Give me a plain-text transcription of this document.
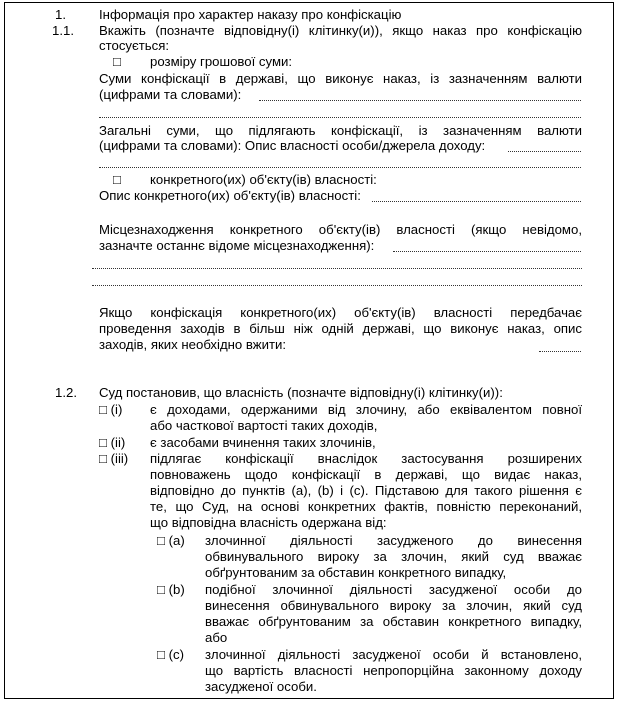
1.	Інформація про характер наказу про конфіскацію
1.1. Вкажіть (позначте відповідну(і) клітинку(и)), якщо наказ про конфіскацію
стосується:
□ розміру грошової суми:
Суми конфіскації в державі, що виконує наказ, із зазначенням валюти
(цифрами та словами):
Загальні суми, що підлягають конфіскації, із зазначенням валюти
(цифрами та словами): Опис власності особи/джерела доходу:
□ конкретного(их) об'єкту(ів) власності:
Опис конкретного(их) об'єкту(ів) власності:
Місцезнаходження конкретного об'єкту(ів) власності (якщо невідомо,
зазначте останнє відоме місцезнаходження):
Якщо конфіскація конкретного(их) об'єкту(ів) власності передбачає
проведення заходів в більш ніж одній державі, що виконує наказ, опис
заходів, яких необхідно вжити:
1.2. Суд постановив, що власність (позначте відповідну(і) клітинку(и)):
□ (i) є доходами, одержаними від злочину, або еквівалентом повної
або часткової вартості таких доходів,
□ (ii) є засобами вчинення таких злочинів,
□ (iii) підлягає конфіскації внаслідок застосування розширених
повноважень щодо конфіскації в державі, що видає наказ,
відповідно до пунктів (a), (b) і (c). Підставою для такого рішення є
те, що Суд, на основі конкретних фактів, повністю переконаний,
що відповідна власність одержана від:
□ (a) злочинної діяльності засудженого до винесення
обвинувального вироку за злочин, який суд вважає
обґрунтованим за обставин конкретного випадку,
□ (b) подібної злочинної діяльності засудженої особи до
винесення обвинувального вироку за злочин, який суд
вважає обґрунтованим за обставин конкретного випадку,
або
□ (c) злочинної діяльності засудженої особи й встановлено,
що вартість власності непропорційна законному доходу
засудженої особи.
